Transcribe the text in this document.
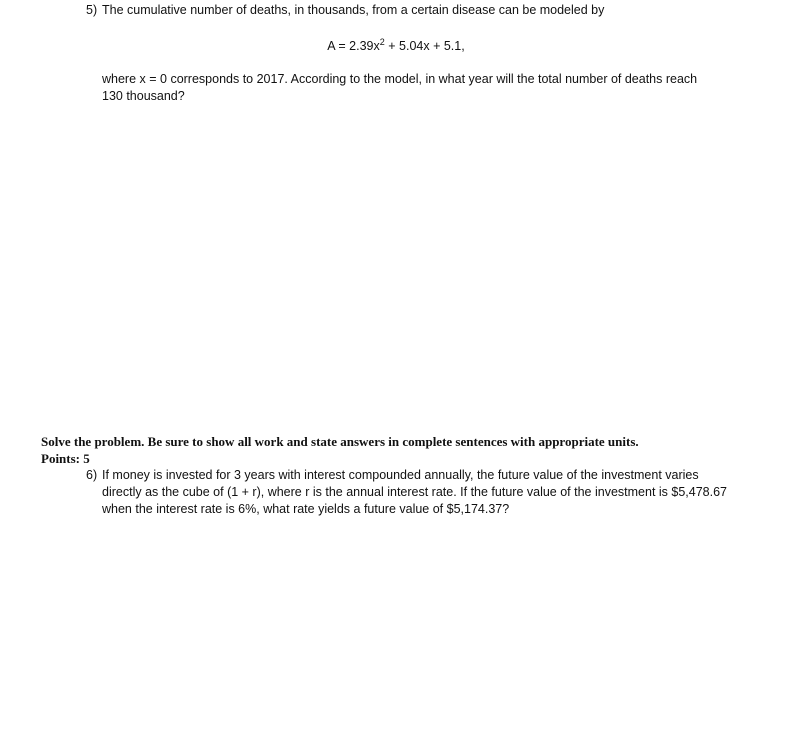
5) The cumulative number of deaths, in thousands, from a certain disease can be modeled by
$A = 2.39x^2 + 5.04x + 5.1$,
where x = 0 corresponds to 2017. According to the model, in what year will the total number of deaths reach
130 thousand?
Solve the problem. Be sure to show all work and state answers in complete sentences with appropriate units.
Points: 5
6) If money is invested for 3 years with interest compounded annually, the future value of the investment varies
directly as the cube of (1 + r), where r is the annual interest rate. If the future value of the investment is $5,478.67
when the interest rate is 6%, what rate yields a future value of $5,174.37?
